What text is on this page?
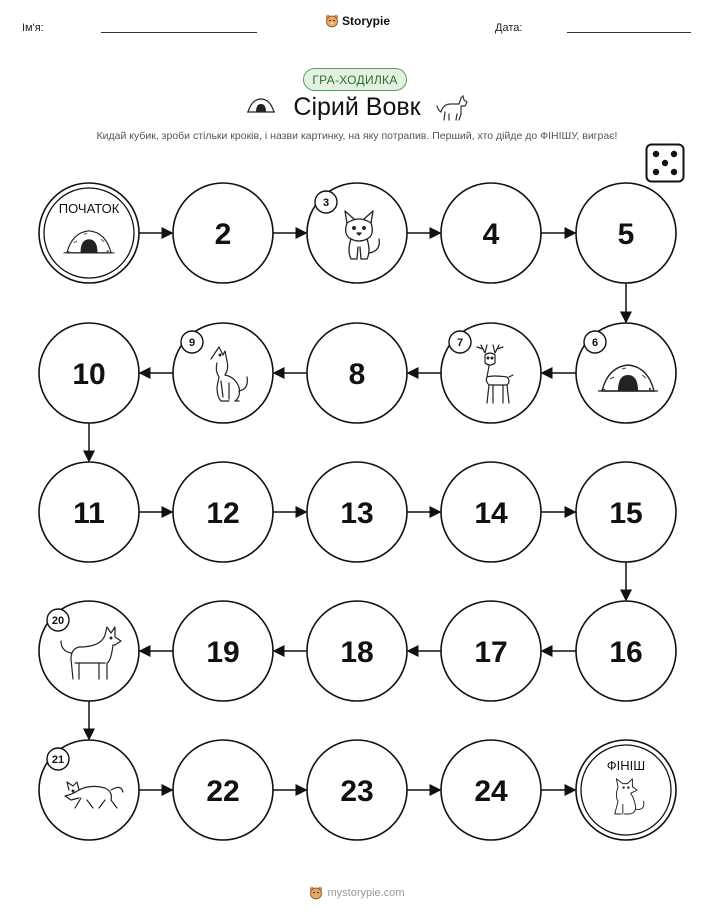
Ім'я:	Storypie	Дата:
ГРА-ХОДИЛКА
Сірий Вовк
Кидай кубик, зроби стільки кроків, і назви картинку, на яку потрапив. Перший, хто дійде до ФІНІШУ, виграє!
ПОЧАТОК
2
3
4	5
6
7
8
9
10
11	12	13	14	15
16
17
18
19
20
21
22	23	24
ФІНІШ
mystorypie.com
